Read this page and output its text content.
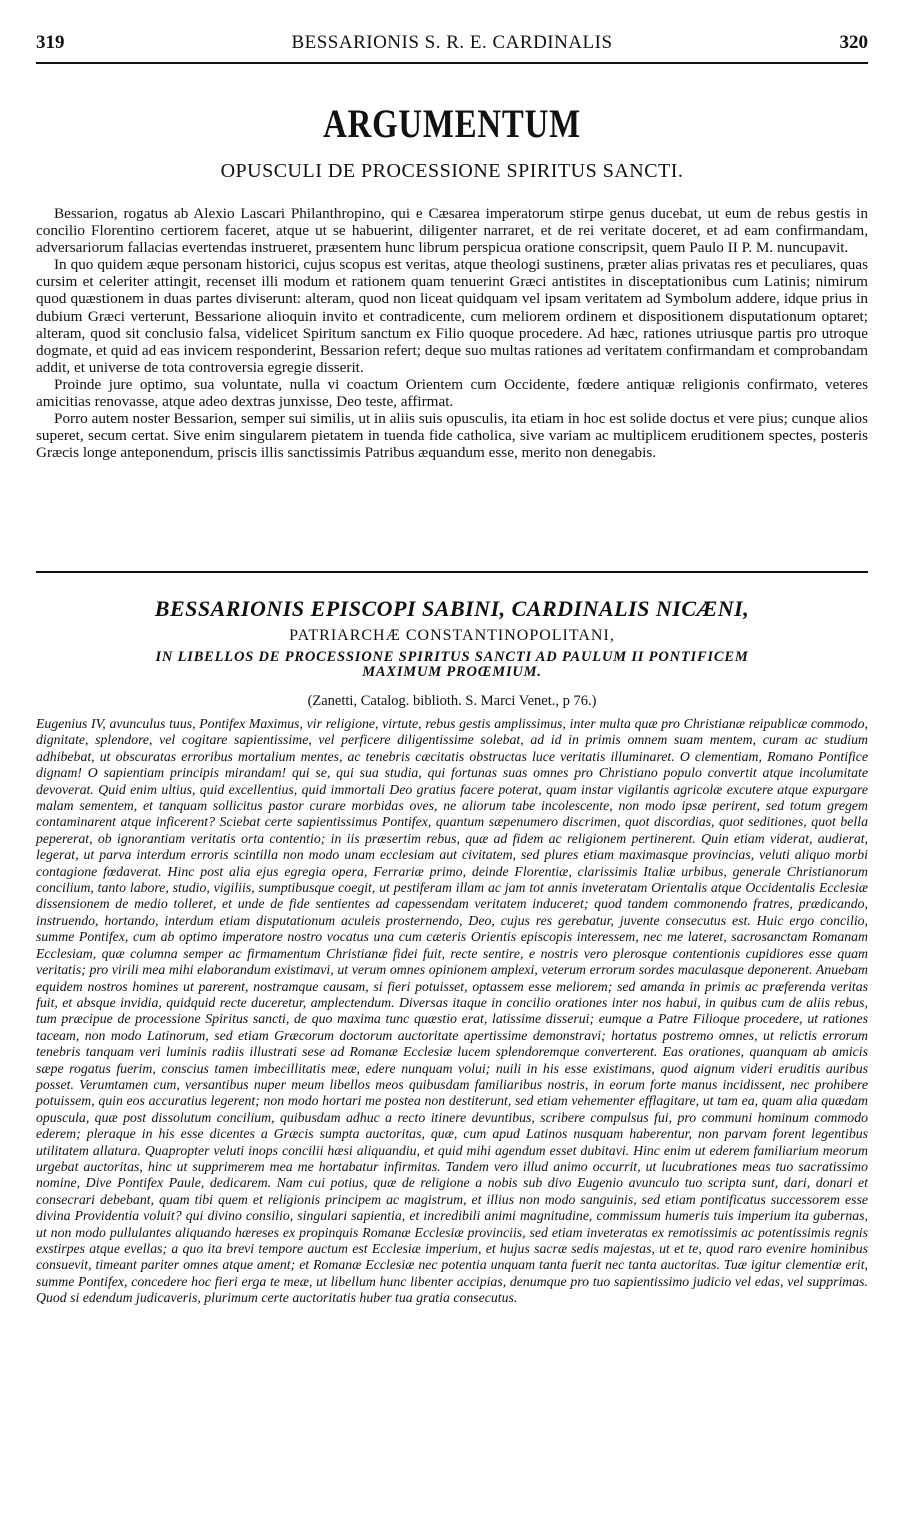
319	BESSARIONIS S. R. E. CARDINALIS	320
ARGUMENTUM
OPUSCULI DE PROCESSIONE SPIRITUS SANCTI.

Bessarion, rogatus ab Alexio Lascari Philanthropino, qui e Cæsarea imperatorum stirpe genus ducebat, ut eum de rebus gestis in concilio Florentino certiorem faceret, atque ut se habuerint, diligenter narraret, et de rei veritate doceret, et ad eam confirmandam, adversariorum fallacias evertendas instrueret, præsentem hunc librum perspicua oratione conscripsit, quem Paulo II P. M. nuncupavit.

In quo quidem æque personam historici, cujus scopus est veritas, atque theologi sustinens, præter alias privatas res et peculiares, quas cursim et celeriter attingit, recenset illi modum et rationem quam tenuerint Græci antistites in disceptationibus cum Latinis; nimirum quod quæstionem in duas partes diviserunt: alteram, quod non liceat quidquam vel ipsam veritatem ad Symbolum addere, idque prius in dubium Græci verterunt, Bessarione alioquin invito et contradicente, cum meliorem ordinem et dispositionem disputationum optaret; alteram, quod sit conclusio falsa, videlicet Spiritum sanctum ex Filio quoque procedere. Ad hæc, rationes utriusque partis pro utroque dogmate, et quid ad eas invicem responderint, Bessarion refert; deque suo multas rationes ad veritatem confirmandam et comprobandam addit, et universe de tota controversia egregie disserit.

Proinde jure optimo, sua voluntate, nulla vi coactum Orientem cum Occidente, fœdere antiquæ religionis confirmato, veteres amicitias renovasse, atque adeo dextras junxisse, Deo teste, affirmat.

Porro autem noster Bessarion, semper sui similis, ut in aliis suis opusculis, ita etiam in hoc est solide doctus et vere pius; cunque alios superet, secum certat. Sive enim singularem pietatem in tuenda fide catholica, sive variam ac multiplicem eruditionem spectes, posteris Græcis longe anteponendum, priscis illis sanctissimis Patribus æquandum esse, merito non denegabis.

BESSARIONIS EPISCOPI SABINI, CARDINALIS NICÆNI,
PATRIARCHÆ CONSTANTINOPOLITANI,
IN LIBELLOS DE PROCESSIONE SPIRITUS SANCTI AD PAULUM II PONTIFICEM MAXIMUM PROŒMIUM.
(Zanetti, Catalog. biblioth. S. Marci Venet., p 76.)

Eugenius IV, avunculus tuus, Pontifex Maximus, vir religione, virtute, rebus gestis amplissimus, inter multa quæ pro Christianæ reipublicæ commodo, dignitate, splendore, vel cogitare sapientissime, vel perficere diligentissime solebat, ad id in primis omnem suam mentem, curam ac studium adhibebat, ut obscuratas erroribus mortalium mentes, ac tenebris cæcitatis obstructas luce veritatis illuminaret. O clementiam, Romano Pontifice dignam! O sapientiam principis mirandam! qui se, qui sua studia, qui fortunas suas omnes pro Christiano populo convertit atque incolumitate devoverat. Quid enim ultius, quid excellentius, quid immortali Deo gratius facere poterat, quam instar vigilantis agricolæ excutere atque expurgare malam sementem, et tanquam sollicitus pastor curare morbidas oves, ne aliorum tabe incolescente, non modo ipsæ perirent, sed totum gregem contaminarent atque inficerent? Sciebat certe sapientissimus Pontifex, quantum sæpenumero discrimen, quot discordias, quot seditiones, quot bella pepererat, ob ignorantiam veritatis orta contentio; in iis præsertim rebus, quæ ad fidem ac religionem pertinerent. Quin etiam viderat, audierat, legerat, ut parva interdum erroris scintilla non modo unam ecclesiam aut civitatem, sed plures etiam maximasque provincias, veluti aliquo morbi contagione fœdaverat. Hinc post alia ejus egregia opera, Ferrariæ primo, deinde Florentiæ, clarissimis Italiæ urbibus, generale Christianorum concilium, tanto labore, studio, vigiliis, sumptibusque coegit, ut pestiferam illam ac jam tot annis inveteratam Orientalis atque Occidentalis Ecclesiæ dissensionem de medio tolleret, et unde de fide sentientes ad capessendam veritatem induceret; quod tandem commonendo fratres, prædicando, instruendo, hortando, interdum etiam disputationum aculeis prosternendo, Deo, cujus res gerebatur, juvente consecutus est. Huic ergo concilio, summe Pontifex, cum ab optimo imperatore nostro vocatus una cum cæteris Orientis episcopis interessem, nec me lateret, sacrosanctam Romanam Ecclesiam, quæ columna semper ac firmamentum Christianæ fidei fuit, recte sentire, e nostris vero plerosque contentionis cupidiores esse quam veritatis; pro virili mea mihi elaborandum existimavi, ut verum omnes opinionem amplexi, veterum errorum sordes maculasque deponerent. Anuebam equidem nostros homines ut parerent, nostramque causam, si fieri potuisset, optassem esse meliorem; sed amanda in primis ac præferenda veritas fuit, et absque invidia, quidquid recte duceretur, amplectendum. Diversas itaque in concilio orationes inter nos habui, in quibus cum de aliis rebus, tum præcipue de processione Spiritus sancti, de quo maxima tunc quæstio erat, latissime disserui; eumque a Patre Filioque procedere, ut rationes taceam, non modo Latinorum, sed etiam Græcorum doctorum auctoritate apertissime demonstravi; hortatus postremo omnes, ut relictis errorum tenebris tanquam veri luminis radiis illustrati sese ad Romanæ Ecclesiæ lucem splendoremque converterent. Eas orationes, quanquam ab amicis sæpe rogatus fuerim, conscius tamen imbecillitatis meæ, edere nunquam volui; nuili in his esse existimans, quod aignum videri eruditis auribus posset. Verumtamen cum, versantibus nuper meum libellos meos quibusdam familiaribus nostris, in eorum forte manus incidissent, nec prohibere potuissem, quin eos accuratius legerent; non modo hortari me postea non destiterunt, sed etiam vehementer efflagitare, ut tam ea, quam alia quædam opuscula, quæ post dissolutum concilium, quibusdam adhuc a recto itinere devuntibus, scribere compulsus fui, pro communi hominum commodo ederem; pleraque in his esse dicentes a Græcis sumpta auctoritas, quæ, cum apud Latinos nusquam haberentur, non parvam forent legentibus utilitatem allatura. Quapropter veluti inops concilii hæsi aliquandiu, et quid mihi agendum esset dubitavi. Hinc enim ut ederem familiarium meorum urgebat auctoritas, hinc ut supprimerem mea me hortabatur infirmitas. Tandem vero illud animo occurrit, ut lucubrationes meas tuo sacratissimo nomine, Dive Pontifex Paule, dedicarem. Nam cui potius, quæ de religione a nobis sub divo Eugenio avunculo tuo scripta sunt, dari, donari et consecrari debebant, quam tibi quem et religionis principem ac magistrum, et illius non modo sanguinis, sed etiam pontificatus successorem esse divina Providentia voluit? qui divino consilio, singulari sapientia, et incredibili animi magnitudine, commissum humeris tuis imperium ita gubernas, ut non modo pullulantes aliquando hæreses ex propinquis Romanæ Ecclesiæ provinciis, sed etiam inveteratas ex remotissimis ac potentissimis regnis exstirpes atque evellas; a quo ita brevi tempore auctum est Ecclesiæ imperium, et hujus sacræ sedis majestas, ut et te, quod raro evenire hominibus consuevit, timeant pariter omnes atque ament; et Romanæ Ecclesiæ nec potentia unquam tanta fuerit nec tanta auctoritas. Tuæ igitur clementiæ erit, summe Pontifex, concedere hoc fieri erga te meæ, ut libellum hunc libenter accipias, denumque pro tuo sapientissimo judicio vel edas, vel supprimas. Quod si edendum judicaveris, plurimum certe auctoritatis huber tua gratia consecutus.
